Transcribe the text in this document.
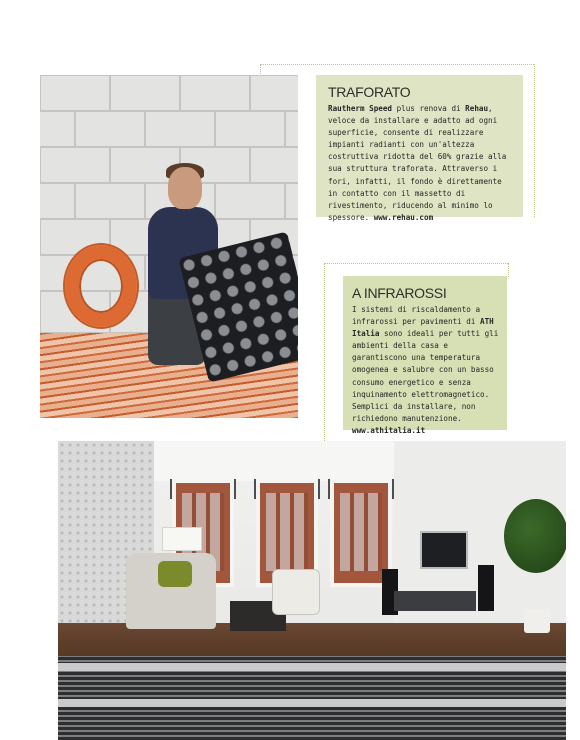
TRAFORATO
Rautherm Speed plus renova di Rehau, veloce da installare e adatto ad ogni superficie, consente di realizzare impianti radianti con un'altezza costruttiva ridotta del 60% grazie alla sua struttura traforata. Attraverso i fori, infatti, il fondo è direttamente in contatto con il massetto di rivestimento, riducendo al minimo lo spessore. www.rehau.com
A INFRAROSSI
I sistemi di riscaldamento a infrarossi per pavimenti di ATH Italia sono ideali per tutti gli ambienti della casa e garantiscono una temperatura omogenea e salubre con un basso consumo energetico e senza inquinamento elettromagnetico. Semplici da installare, non richiedono manutenzione. www.athitalia.it
